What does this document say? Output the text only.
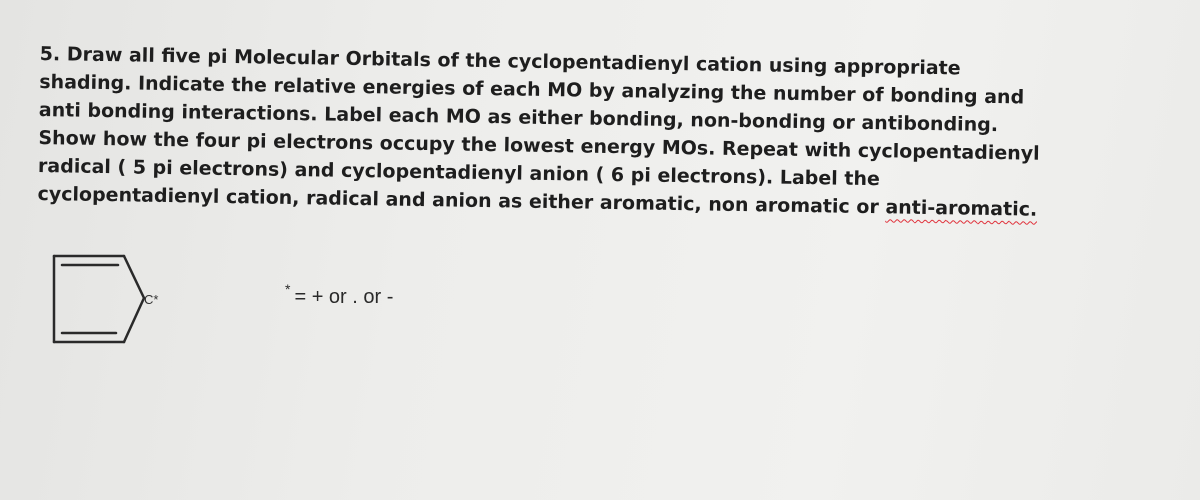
5. Draw all five pi Molecular Orbitals of the cyclopentadienyl cation using appropriate
shading. Indicate the relative energies of each MO by analyzing the number of bonding and
anti bonding interactions. Label each MO as either bonding, non-bonding or antibonding.
Show how the four pi electrons occupy the lowest energy MOs. Repeat with cyclopentadienyl
radical ( 5 pi electrons) and cyclopentadienyl anion ( 6 pi electrons). Label the
cyclopentadienyl cation, radical and anion as either aromatic, non aromatic or anti-aromatic.
C*
* = + or . or -
